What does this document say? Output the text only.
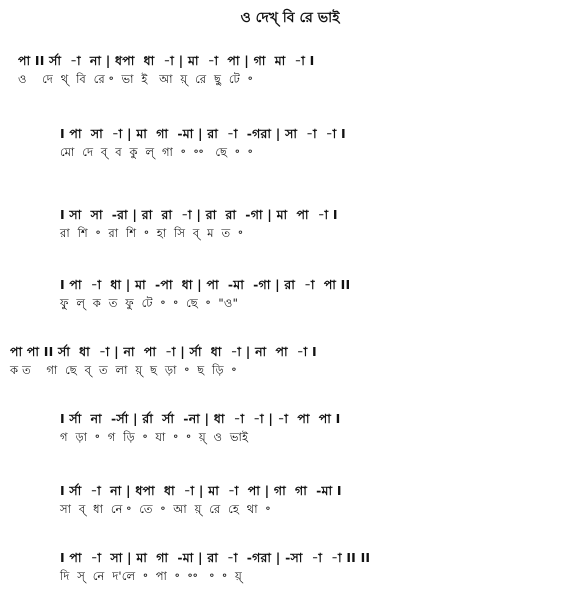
ও দেখ্ বি রে ভাই
পা II র্সা  -া  না | ধপা  ধা  -া | মা  -া  পা | গা  মা  -া I
ও    দে  থ্  বি  রে ॰  ভা  ই   আ  য়্  রে  ছু  টে  ॰
I পা  সা  -া | মা  গা  -মা | রা  -া  -গরা | সা  -া  -া I
মো  দে  ব্  ব  কু  ল্  গা  ॰  ॰॰   ছে  ॰  ॰
I সা  সা  -রা | রা  রা  -া | রা  রা  -গা | মা  পা  -া I
রা  শি  ॰  রা  শি  ॰  হা  সি  ব্  ম  ত  ॰
I পা  -া  ধা | মা  -পা  ধা | পা  -মা  -গা | রা  -া  পা II
ফু  ল্  ক  ত  ফু  টে  ॰  ॰  ছে  ॰  "ও"
পা পা II র্সা  ধা  -া | না  পা  -া | র্সা  ধা  -া | না  পা  -া I
ক ত    গা  ছে  ব্  ত  লা  য়্  ছ  ড়া  ॰  ছ  ড়ি  ॰
I র্সা  না  -র্সা | র্রা  র্সা  -না | ধা  -া  -া | -া  পা  পা I
গ  ড়া  ॰  গ  ড়ি  ॰  যা  ॰  ॰  য়্  ও  ভাই
I র্সা  -া  না | ধপা  ধা  -া | মা  -া  পা | গা  গা  -মা I
সা  ব্  ধা  নে ॰  তে  ॰  আ  য়্  রে  হে  থা  ॰
I পা  -া  সা | মা  গা  -মা | রা  -া  -গরা | -সা  -া  -া II II
দি  স্  নে  দ'লে  ॰  পা  ॰  ॰॰   ॰  ॰  য়্
